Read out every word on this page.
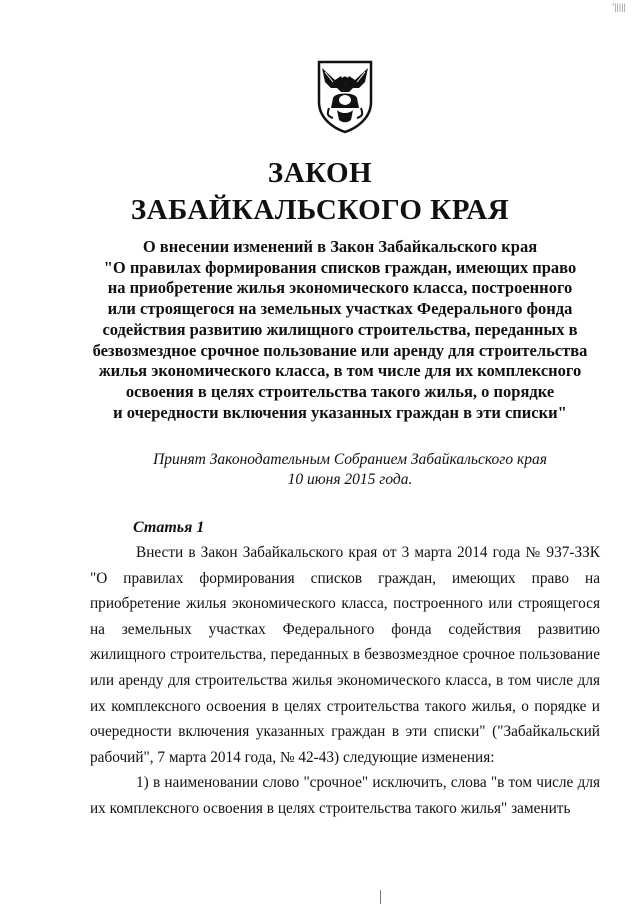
'|||||
ЗАКОН
ЗАБАЙКАЛЬСКОГО КРАЯ
О внесении изменений в Закон Забайкальского края
"О правилах формирования списков граждан, имеющих право
на приобретение жилья экономического класса, построенного
или строящегося на земельных участках Федерального фонда
содействия развитию жилищного строительства, переданных в
безвозмездное срочное пользование или аренду для строительства
жилья экономического класса, в том числе для их комплексного
освоения в целях строительства такого жилья, о порядке
и очередности включения указанных граждан в эти списки"
Принят Законодательным Собранием Забайкальского края
10 июня 2015 года.
Статья 1

Внести в Закон Забайкальского края от 3 марта 2014 года № 937-ЗЗК "О правилах формирования списков граждан, имеющих право на приобретение жилья экономического класса, построенного или строящегося на земельных участках Федерального фонда содействия развитию жилищного строительства, переданных в безвозмездное срочное пользование или аренду для строительства жилья экономического класса, в том числе для их комплексного освоения в целях строительства такого жилья, о порядке и очередности включения указанных граждан в эти списки" ("Забайкальский рабочий", 7 марта 2014 года, № 42-43) следующие изменения:

1) в наименовании слово "срочное" исключить, слова "в том числе для их комплексного освоения в целях строительства такого жилья" заменить
